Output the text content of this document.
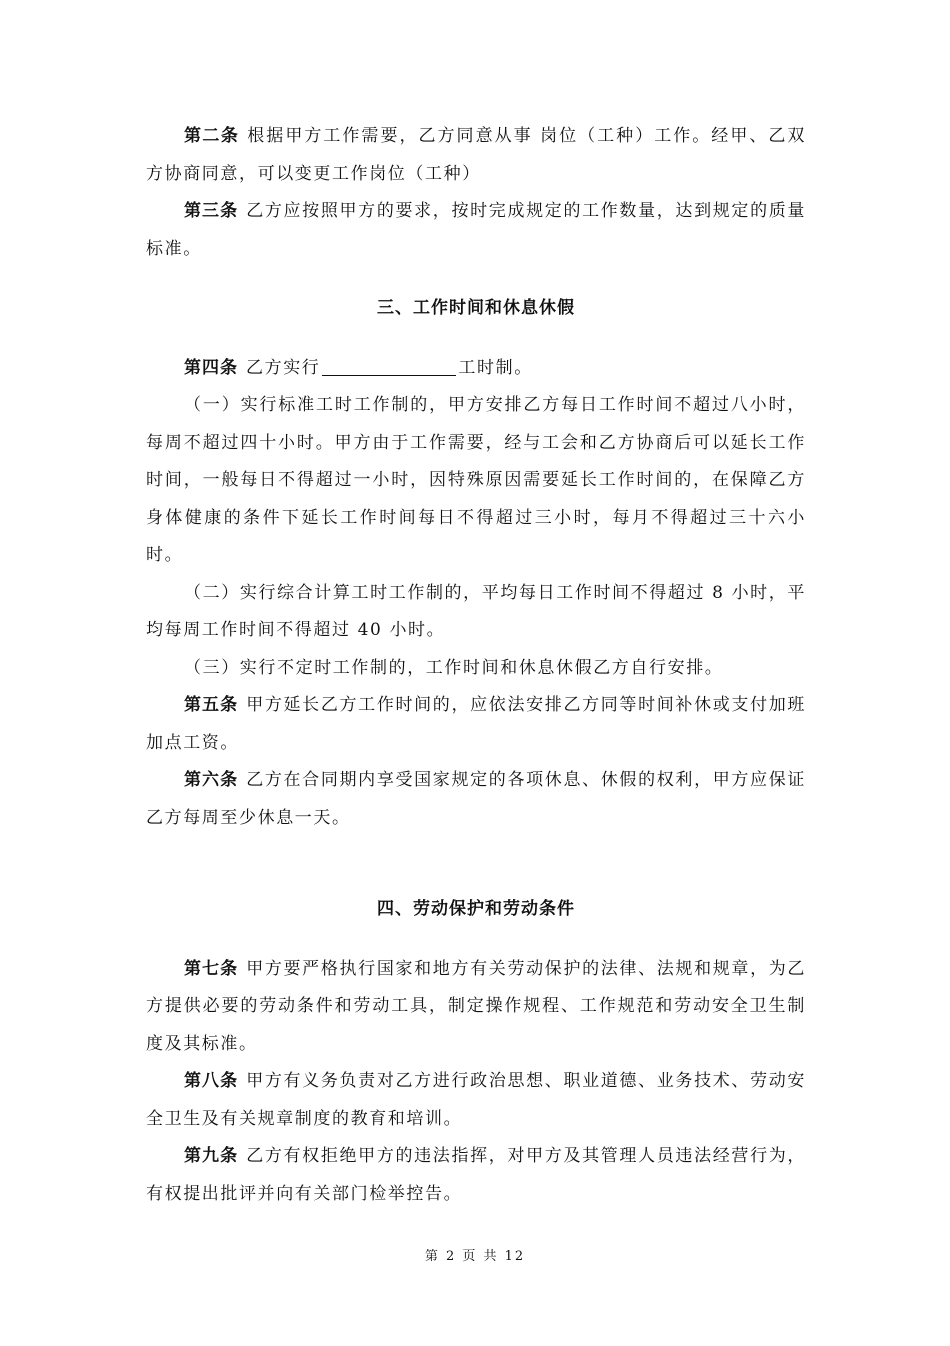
第二条 根据甲方工作需要，乙方同意从事 岗位（工种）工作。经甲、乙双方协商同意，可以变更工作岗位（工种）

第三条 乙方应按照甲方的要求，按时完成规定的工作数量，达到规定的质量标准。

三、工作时间和休息休假

第四条 乙方实行	工时制。

（一）实行标准工时工作制的，甲方安排乙方每日工作时间不超过八小时，每周不超过四十小时。甲方由于工作需要，经与工会和乙方协商后可以延长工作时间，一般每日不得超过一小时，因特殊原因需要延长工作时间的，在保障乙方身体健康的条件下延长工作时间每日不得超过三小时，每月不得超过三十六小时。

（二）实行综合计算工时工作制的，平均每日工作时间不得超过 8 小时，平均每周工作时间不得超过 40 小时。

（三）实行不定时工作制的，工作时间和休息休假乙方自行安排。

第五条 甲方延长乙方工作时间的，应依法安排乙方同等时间补休或支付加班加点工资。

第六条 乙方在合同期内享受国家规定的各项休息、休假的权利，甲方应保证乙方每周至少休息一天。

四、劳动保护和劳动条件

第七条 甲方要严格执行国家和地方有关劳动保护的法律、法规和规章，为乙方提供必要的劳动条件和劳动工具，制定操作规程、工作规范和劳动安全卫生制度及其标准。

第八条 甲方有义务负责对乙方进行政治思想、职业道德、业务技术、劳动安全卫生及有关规章制度的教育和培训。

第九条 乙方有权拒绝甲方的违法指挥，对甲方及其管理人员违法经营行为，有权提出批评并向有关部门检举控告。

第 2 页 共 12
